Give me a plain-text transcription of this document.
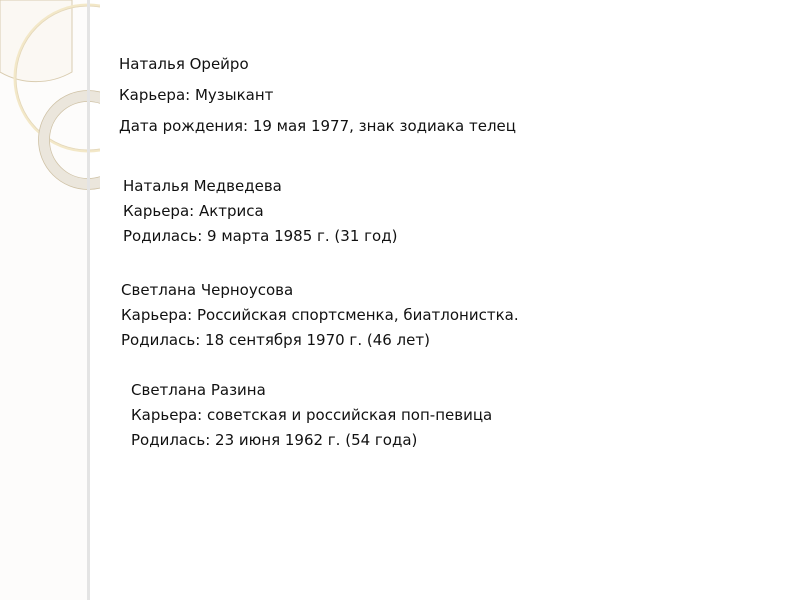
Наталья Орейро
Карьера: Музыкант
Дата рождения: 19 мая 1977, знак зодиака телец
Наталья Медведева
Карьера: Актриса
Родилась: 9 марта 1985 г. (31 год)
Светлана Черноусова
Карьера: Российская спортсменка, биатлонистка.
Родилась: 18 сентября 1970 г. (46 лет)
Светлана Разина
Карьера: советская и российская поп-певица
Родилась: 23 июня 1962 г. (54 года)
